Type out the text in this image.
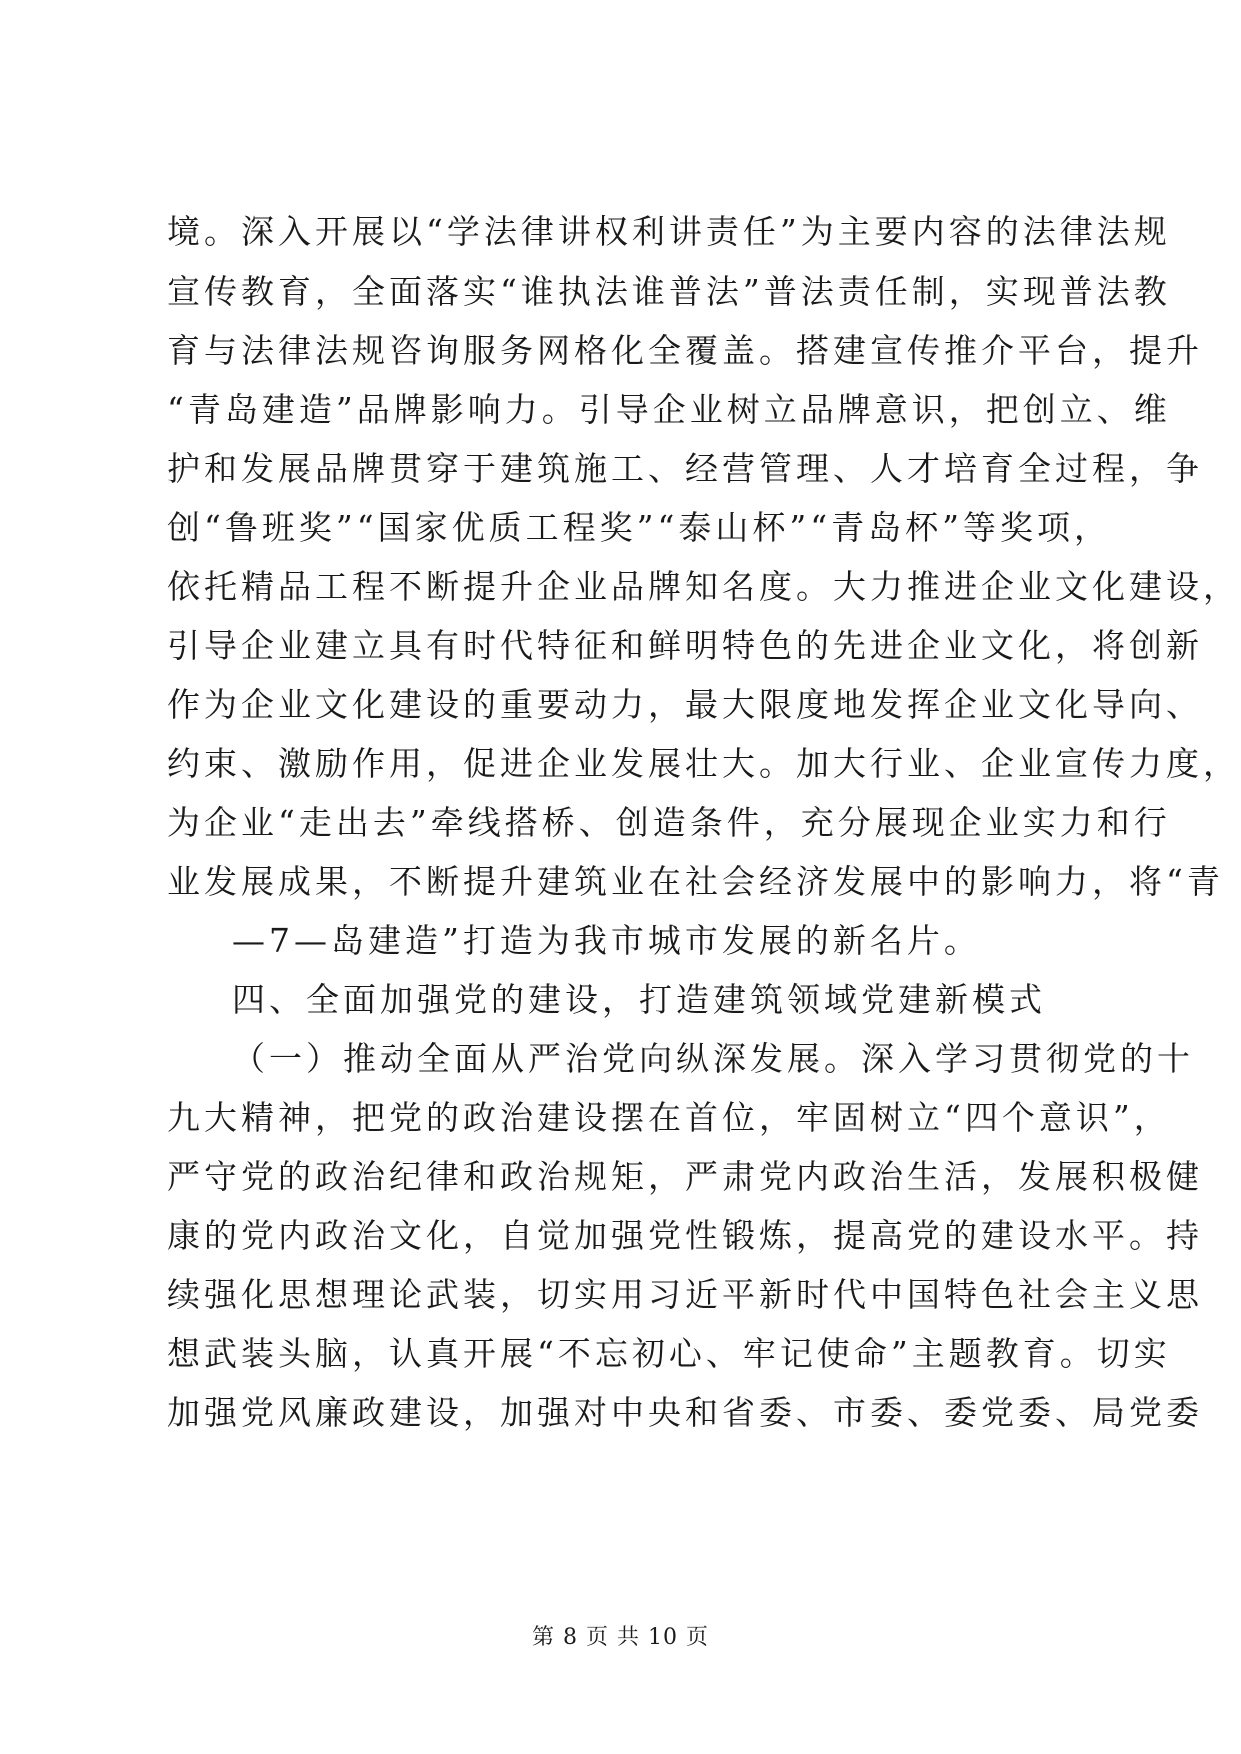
境。深入开展以“学法律讲权利讲责任”为主要内容的法律法规
宣传教育，全面落实“谁执法谁普法”普法责任制，实现普法教
育与法律法规咨询服务网格化全覆盖。搭建宣传推介平台，提升
“青岛建造”品牌影响力。引导企业树立品牌意识，把创立、维
护和发展品牌贯穿于建筑施工、经营管理、人才培育全过程，争
创“鲁班奖”“国家优质工程奖”“泰山杯”“青岛杯”等奖项，
依托精品工程不断提升企业品牌知名度。大力推进企业文化建设，
引导企业建立具有时代特征和鲜明特色的先进企业文化，将创新
作为企业文化建设的重要动力，最大限度地发挥企业文化导向、
约束、激励作用，促进企业发展壮大。加大行业、企业宣传力度，
为企业“走出去”牵线搭桥、创造条件，充分展现企业实力和行
业发展成果，不断提升建筑业在社会经济发展中的影响力，将“青
—7—岛建造”打造为我市城市发展的新名片。
四、全面加强党的建设，打造建筑领域党建新模式
（一）推动全面从严治党向纵深发展。深入学习贯彻党的十
九大精神，把党的政治建设摆在首位，牢固树立“四个意识”，
严守党的政治纪律和政治规矩，严肃党内政治生活，发展积极健
康的党内政治文化，自觉加强党性锻炼，提高党的建设水平。持
续强化思想理论武装，切实用习近平新时代中国特色社会主义思
想武装头脑，认真开展“不忘初心、牢记使命”主题教育。切实
加强党风廉政建设，加强对中央和省委、市委、委党委、局党委
第 8 页 共 10 页
